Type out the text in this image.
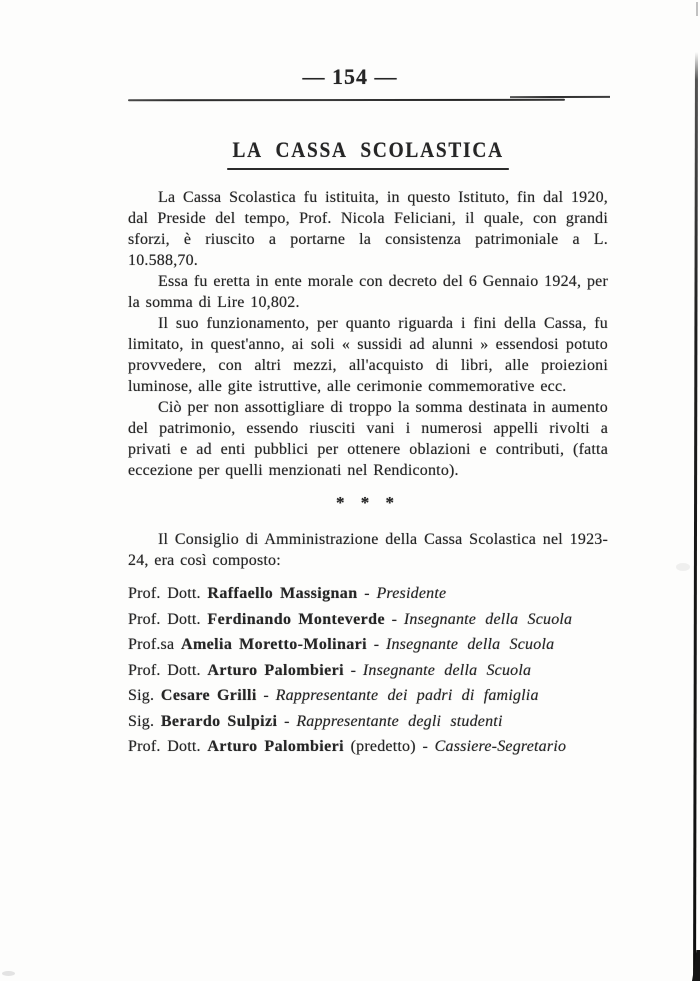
— 154 —
LA CASSA SCOLASTICA

La Cassa Scolastica fu istituita, in questo Istituto, fin dal 1920, dal Preside del tempo, Prof. Nicola Feliciani, il quale, con grandi sforzi, è riuscito a portarne la consistenza patrimoniale a L. 10.588,70.

Essa fu eretta in ente morale con decreto del 6 Gennaio 1924, per la somma di Lire 10,802.

Il suo funzionamento, per quanto riguarda i fini della Cassa, fu limitato, in quest'anno, ai soli « sussidi ad alunni » essendosi potuto provvedere, con altri mezzi, all'acquisto di libri, alle proiezioni luminose, alle gite istruttive, alle cerimonie commemorative ecc.

Ciò per non assottigliare di troppo la somma destinata in aumento del patrimonio, essendo riusciti vani i numerosi appelli rivolti a privati e ad enti pubblici per ottenere oblazioni e contributi, (fatta eccezione per quelli menzionati nel Rendiconto).

* * *

Il Consiglio di Amministrazione della Cassa Scolastica nel 1923-24, era così composto:

Prof. Dott. Raffaello Massignan - Presidente
Prof. Dott. Ferdinando Monteverde - Insegnante della Scuola
Prof.sa Amelia Moretto-Molinari - Insegnante della Scuola
Prof. Dott. Arturo Palombieri - Insegnante della Scuola
Sig. Cesare Grilli - Rappresentante dei padri di famiglia
Sig. Berardo Sulpizi - Rappresentante degli studenti
Prof. Dott. Arturo Palombieri (predetto) - Cassiere-Segretario
